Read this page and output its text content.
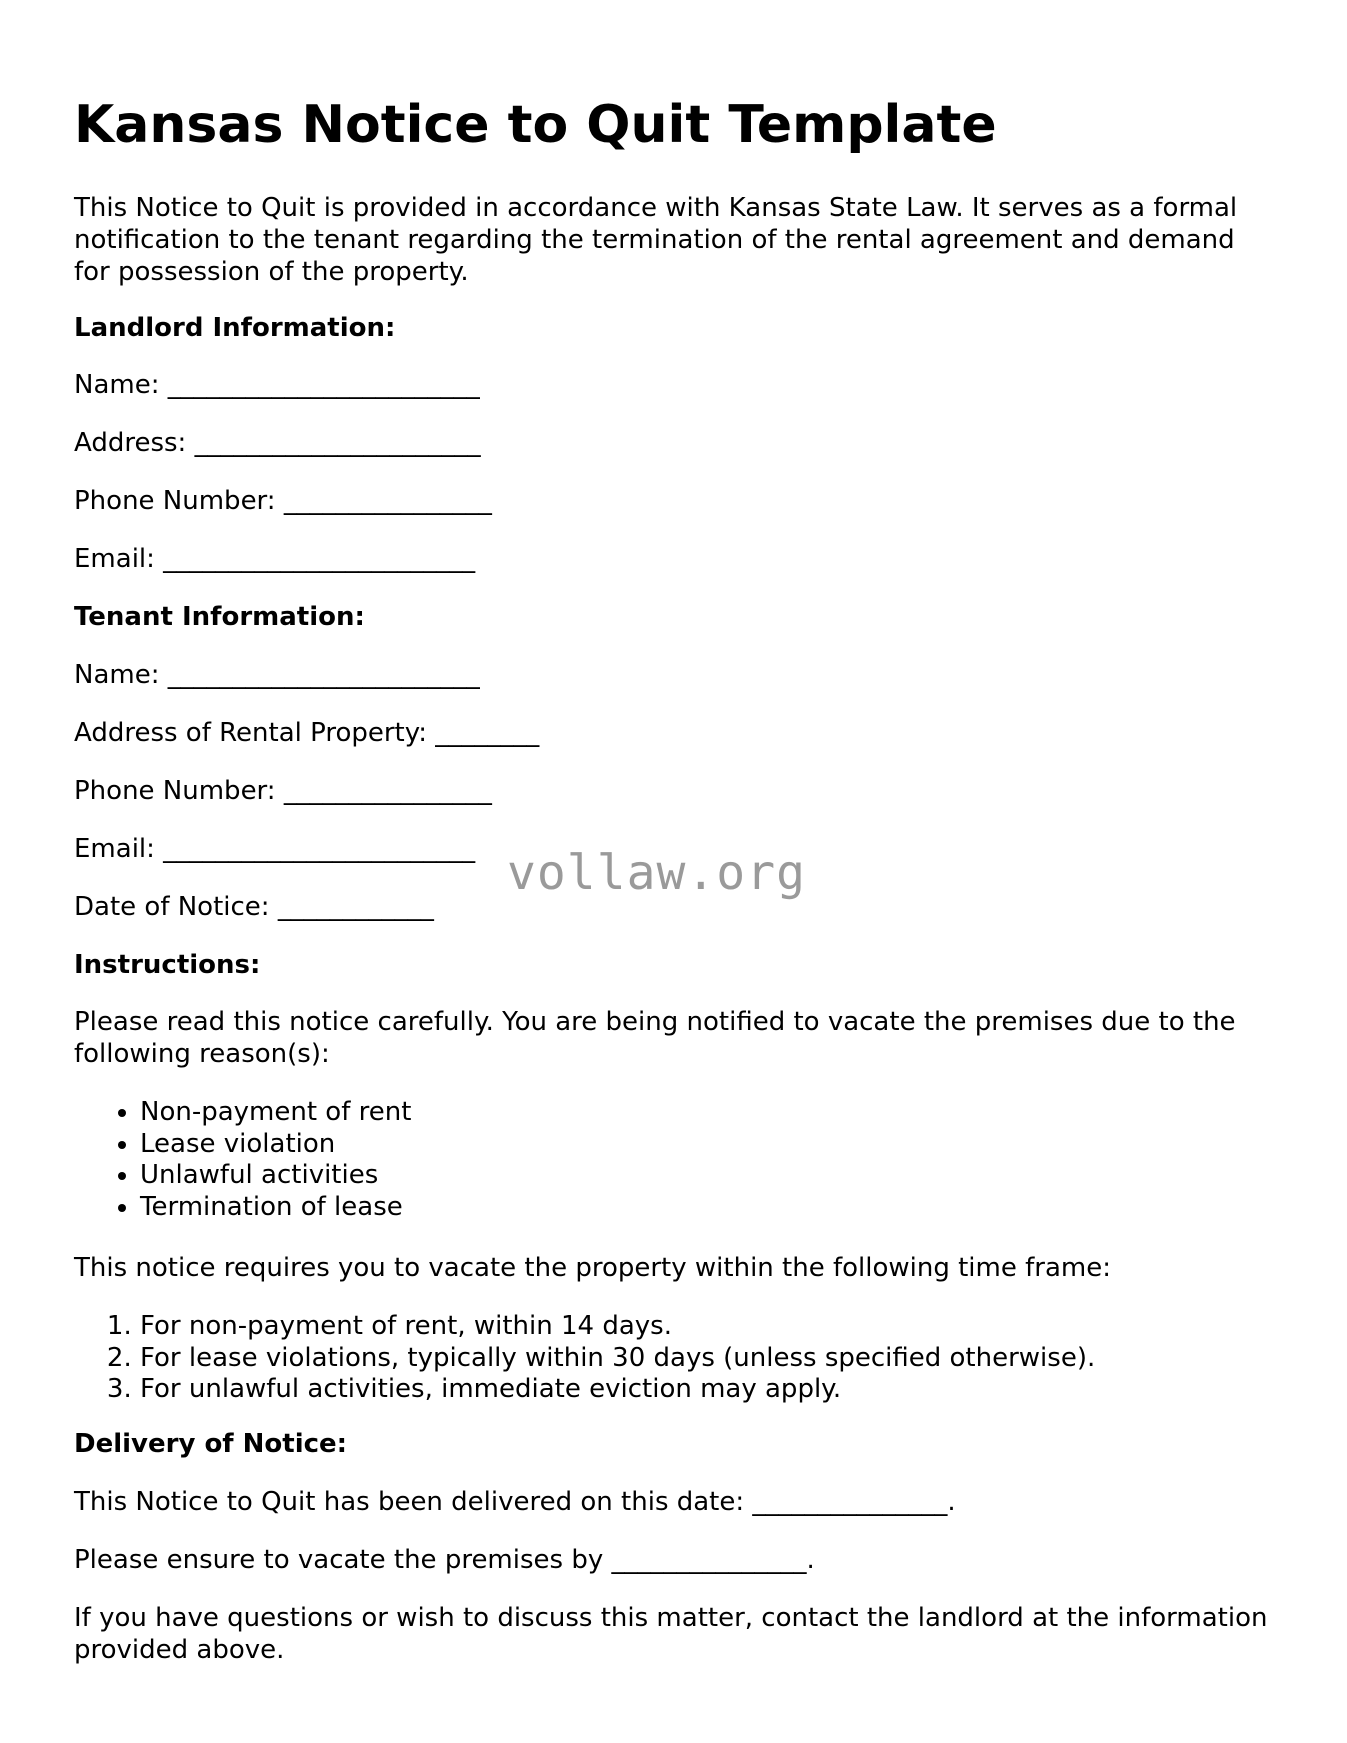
Kansas Notice to Quit Template

This Notice to Quit is provided in accordance with Kansas State Law. It serves as a formal notification to the tenant regarding the termination of the rental agreement and demand for possession of the property.

Landlord Information:
Name: ________________________
Address: ______________________
Phone Number: ________________
Email: ________________________
Tenant Information:
Name: ________________________
Address of Rental Property: ________
Phone Number: ________________
Email: ________________________
Date of Notice: ____________
Instructions:

Please read this notice carefully. You are being notified to vacate the premises due to the following reason(s):

• Non-payment of rent
• Lease violation
• Unlawful activities
• Termination of lease

This notice requires you to vacate the property within the following time frame:

1. For non-payment of rent, within 14 days.
2. For lease violations, typically within 30 days (unless specified otherwise).
3. For unlawful activities, immediate eviction may apply.
Delivery of Notice:
This Notice to Quit has been delivered on this date: _______________.
Please ensure to vacate the premises by _______________.

If you have questions or wish to discuss this matter, contact the landlord at the information provided above.

vollaw.org
